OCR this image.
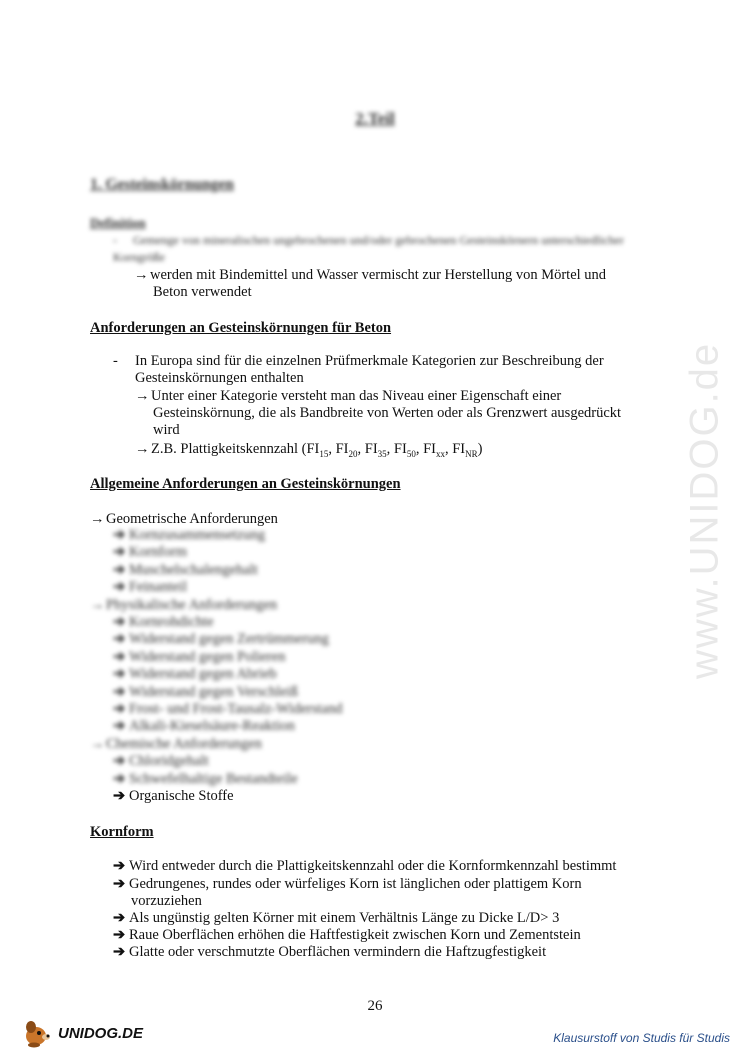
www.UNIDOG.de
2.Teil
1. Gesteinskörnungen
Definition
- Gemenge von mineralischen ungebrochenen und/oder gebrochenen Gesteinskörnern unterschiedlicher Korngröße
→ werden mit Bindemittel und Wasser vermischt zur Herstellung von Mörtel und
Beton verwendet
Anforderungen an Gesteinskörnungen für Beton
- In Europa sind für die einzelnen Prüfmerkmale Kategorien zur Beschreibung der
Gesteinskörnungen enthalten
→ Unter einer Kategorie versteht man das Niveau einer Eigenschaft einer
Gesteinskörnung, die als Bandbreite von Werten oder als Grenzwert ausgedrückt
wird
→ Z.B. Plattigkeitskennzahl ($FI_{15}$, $FI_{20}$, $FI_{35}$, $FI_{50}$, $FI_{xx}$, $FI_{NR}$)
Allgemeine Anforderungen an Gesteinskörnungen
→ Geometrische Anforderungen
➔ Kornzusammensetzung
➔ Kornform
➔ Muschelschalengehalt
➔ Feinanteil
→ Physikalische Anforderungen
➔ Kornrohdichte
➔ Widerstand gegen Zertrümmerung
➔ Widerstand gegen Polieren
➔ Widerstand gegen Abrieb
➔ Widerstand gegen Verschleiß
➔ Frost- und Frost-Tausalz-Widerstand
➔ Alkali-Kieselsäure-Reaktion
→ Chemische Anforderungen
➔ Chloridgehalt
➔ Schwefelhaltige Bestandteile
➔ Organische Stoffe
Kornform
➔ Wird entweder durch die Plattigkeitskennzahl oder die Kornformkennzahl bestimmt
➔ Gedrungenes, rundes oder würfeliges Korn ist länglichen oder plattigem Korn
vorzuziehen
➔ Als ungünstig gelten Körner mit einem Verhältnis Länge zu Dicke L/D> 3
➔ Raue Oberflächen erhöhen die Haftfestigkeit zwischen Korn und Zementstein
➔ Glatte oder verschmutzte Oberflächen vermindern die Haftzugfestigkeit
26
UNIDOG.DE	Klausurstoff von Studis für Studis
